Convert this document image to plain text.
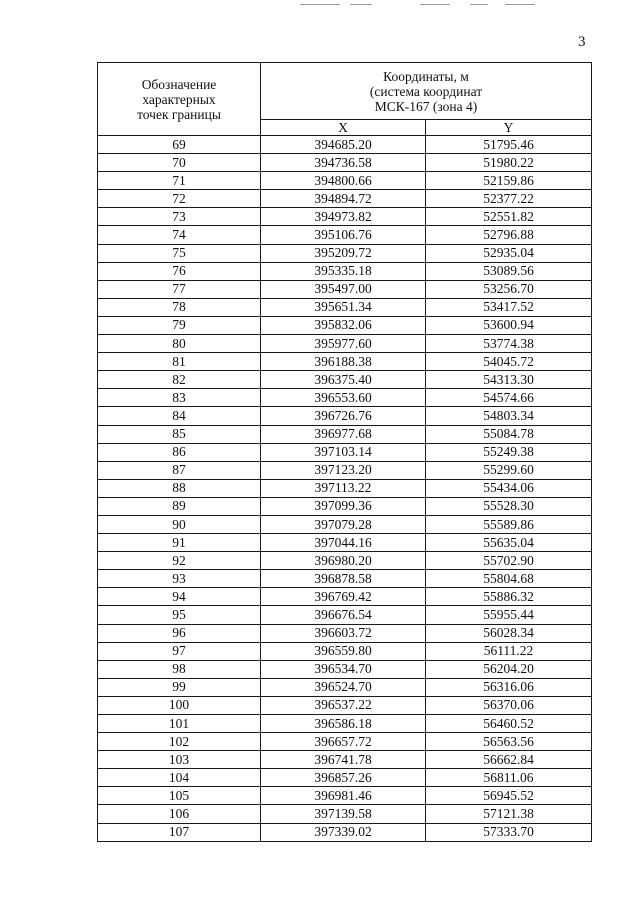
3
Обозначение
характерных
точек границы	Координаты, м
(система координат
МСК-167 (зона 4)	

	X	Y
69	394685.20	51795.46
70	394736.58	51980.22
71	394800.66	52159.86
72	394894.72	52377.22
73	394973.82	52551.82
74	395106.76	52796.88
75	395209.72	52935.04
76	395335.18	53089.56
77	395497.00	53256.70
78	395651.34	53417.52
79	395832.06	53600.94
80	395977.60	53774.38
81	396188.38	54045.72
82	396375.40	54313.30
83	396553.60	54574.66
84	396726.76	54803.34
85	396977.68	55084.78
86	397103.14	55249.38
87	397123.20	55299.60
88	397113.22	55434.06
89	397099.36	55528.30
90	397079.28	55589.86
91	397044.16	55635.04
92	396980.20	55702.90
93	396878.58	55804.68
94	396769.42	55886.32
95	396676.54	55955.44
96	396603.72	56028.34
97	396559.80	56111.22
98	396534.70	56204.20
99	396524.70	56316.06
100	396537.22	56370.06
101	396586.18	56460.52
102	396657.72	56563.56
103	396741.78	56662.84
104	396857.26	56811.06
105	396981.46	56945.52
106	397139.58	57121.38
107	397339.02	57333.70
